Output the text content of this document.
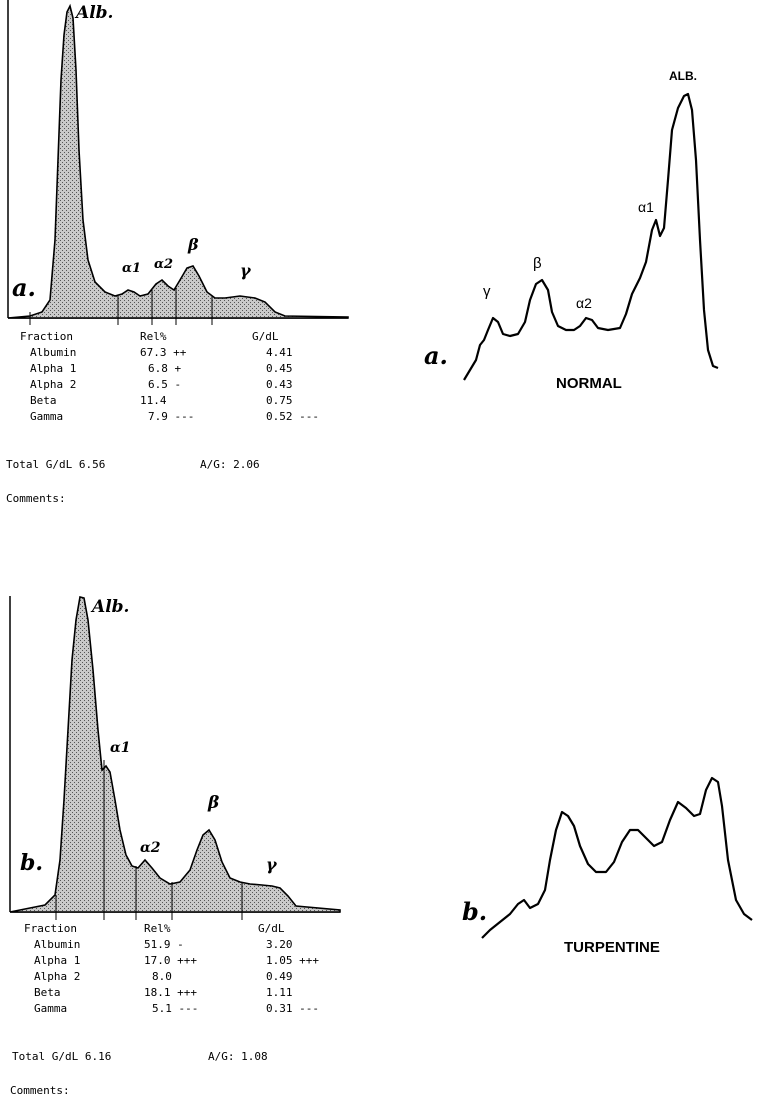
Alb.
α1 α2
β
γ
a.
Fraction	Rel%	G/dL
Albumin	67.3 ++	4.41
Alpha 1	6.8 +	0.45
Alpha 2	6.5 -	0.43
Beta	11.4	0.75
Gamma	7.9 ---	0.52 ---
Total G/dL 6.56	A/G: 2.06
Comments:
Alb.
α1
α2
β
γ
b.
Fraction	Rel%	G/dL
Albumin	51.9 -	3.20
Alpha 1	17.0 +++	1.05 +++
Alpha 2	8.0	0.49
Beta	18.1 +++	1.11
Gamma	5.1 ---	0.31 ---
Total G/dL 6.16	A/G: 1.08
Comments:
γ
β
α2
α1
ALB.
a.
NORMAL
b.
TURPENTINE
